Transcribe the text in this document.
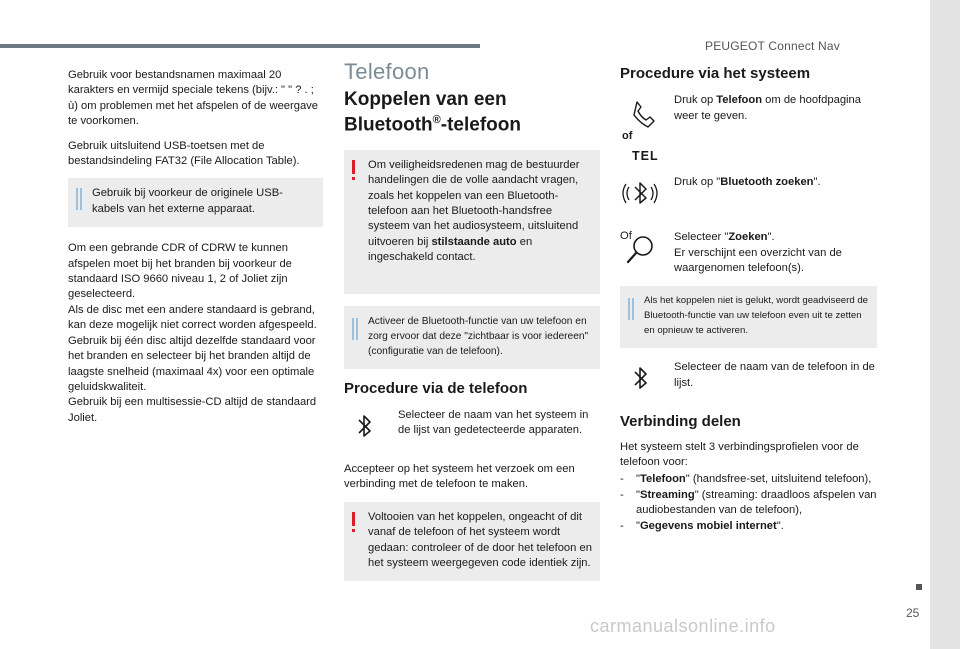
PEUGEOT Connect Nav
25
carmanualsonline.info

Gebruik voor bestandsnamen maximaal 20 karakters en vermijd speciale tekens (bijv.: " " ? . ; ù) om problemen met het afspelen of de weergave te voorkomen.

Gebruik uitsluitend USB-toetsen met de bestandsindeling FAT32 (File Allocation Table).

Gebruik bij voorkeur de originele USB-kabels van het externe apparaat.
Om een gebrande CDR of CDRW te kunnen afspelen moet bij het branden bij voorkeur de standaard ISO 9660 niveau 1, 2 of Joliet zijn geselecteerd.
Als de disc met een andere standaard is gebrand, kan deze mogelijk niet correct worden afgespeeld.
Gebruik bij één disc altijd dezelfde standaard voor het branden en selecteer bij het branden altijd de laagste snelheid (maximaal 4x) voor een optimale geluidskwaliteit.
Gebruik bij een multisessie-CD altijd de standaard Joliet.
Telefoon
Koppelen van een
Bluetooth®-telefoon
Om veiligheidsredenen mag de bestuurder handelingen die de volle aandacht vragen, zoals het koppelen van een Bluetooth-telefoon aan het Bluetooth-handsfree systeem van het audiosysteem, uitsluitend uitvoeren bij stilstaande auto en ingeschakeld contact.
Activeer de Bluetooth-functie van uw telefoon en zorg ervoor dat deze "zichtbaar is voor iedereen" (configuratie van de telefoon).
Procedure via de telefoon
Selecteer de naam van het systeem in de lijst van gedetecteerde apparaten.

Accepteer op het systeem het verzoek om een verbinding met de telefoon te maken.

Voltooien van het koppelen, ongeacht of dit vanaf de telefoon of het systeem wordt gedaan: controleer of de door het telefoon en het systeem weergegeven code identiek zijn.
Procedure via het systeem
Druk op Telefoon om de hoofdpagina weer te geven.
of
TEL
Druk op "Bluetooth zoeken".
Of	Selecteer "Zoeken".
Er verschijnt een overzicht van de waargenomen telefoon(s).
Als het koppelen niet is gelukt, wordt geadviseerd de Bluetooth-functie van uw telefoon even uit te zetten en opnieuw te activeren.
Selecteer de naam van de telefoon in de lijst.
Verbinding delen

Het systeem stelt 3 verbindingsprofielen voor de telefoon voor:

- "Telefoon" (handsfree-set, uitsluitend telefoon),
- "Streaming" (streaming: draadloos afspelen van audiobestanden van de telefoon),
- "Gegevens mobiel internet".
